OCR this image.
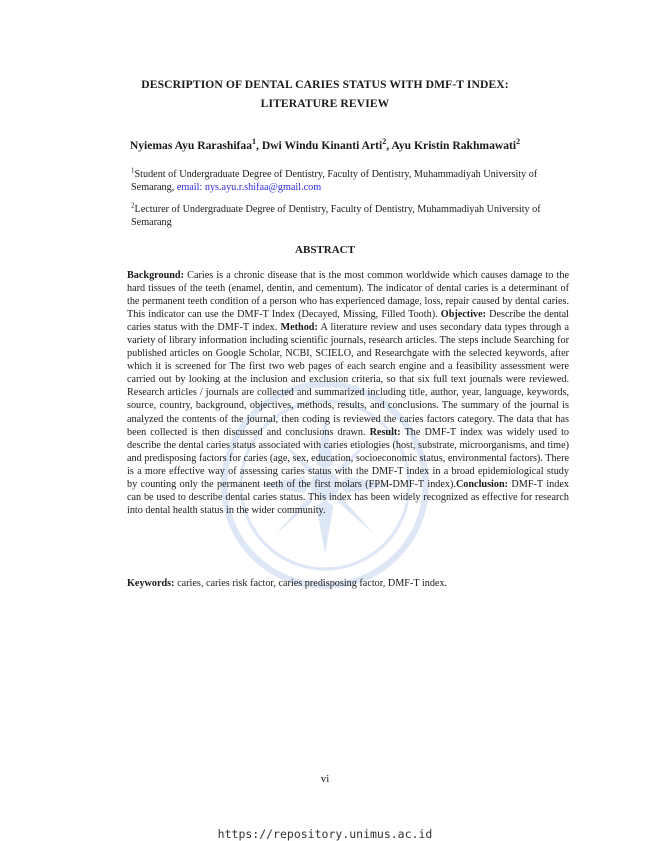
DESCRIPTION OF DENTAL CARIES STATUS WITH DMF-T INDEX:
LITERATURE REVIEW
Nyiemas Ayu Rarashifaa$^1$, Dwi Windu Kinanti Arti$^2$, Ayu Kristin Rakhmawati$^2$
$^1$Student of Undergraduate Degree of Dentistry, Faculty of Dentistry, Muhammadiyah University of Semarang, email: nys.ayu.r.shifaa@gmail.com
$^2$Lecturer of Undergraduate Degree of Dentistry, Faculty of Dentistry, Muhammadiyah University of Semarang
ABSTRACT
Background: Caries is a chronic disease that is the most common worldwide which causes damage to the hard tissues of the teeth (enamel, dentin, and cementum). The indicator of dental caries is a determinant of the permanent teeth condition of a person who has experienced damage, loss, repair caused by dental caries. This indicator can use the DMF-T Index (Decayed, Missing, Filled Tooth). Objective: Describe the dental caries status with the DMF-T index. Method: A literature review and uses secondary data types through a variety of library information including scientific journals, research articles. The steps include Searching for published articles on Google Scholar, NCBI, SCIELO, and Researchgate with the selected keywords, after which it is screened for The first two web pages of each search engine and a feasibility assessment were carried out by looking at the inclusion and exclusion criteria, so that six full text journals were reviewed. Research articles / journals are collected and summarized including title, author, year, language, keywords, source, country, background, objectives, methods, results, and conclusions. The summary of the journal is analyzed the contents of the journal, then coding is reviewed the caries factors category. The data that has been collected is then discussed and conclusions drawn. Result: The DMF-T index was widely used to describe the dental caries status associated with caries etiologies (host, substrate, microorganisms, and time) and predisposing factors for caries (age, sex, education, socioeconomic status, environmental factors). There is a more effective way of assessing caries status with the DMF-T index in a broad epidemiological study by counting only the permanent teeth of the first molars (FPM-DMF-T index).Conclusion: DMF-T index can be used to describe dental caries status. This index has been widely recognized as effective for research into dental health status in the wider community.
Keywords: caries, caries risk factor, caries predisposing factor, DMF-T index.
vi
https://repository.unimus.ac.id
